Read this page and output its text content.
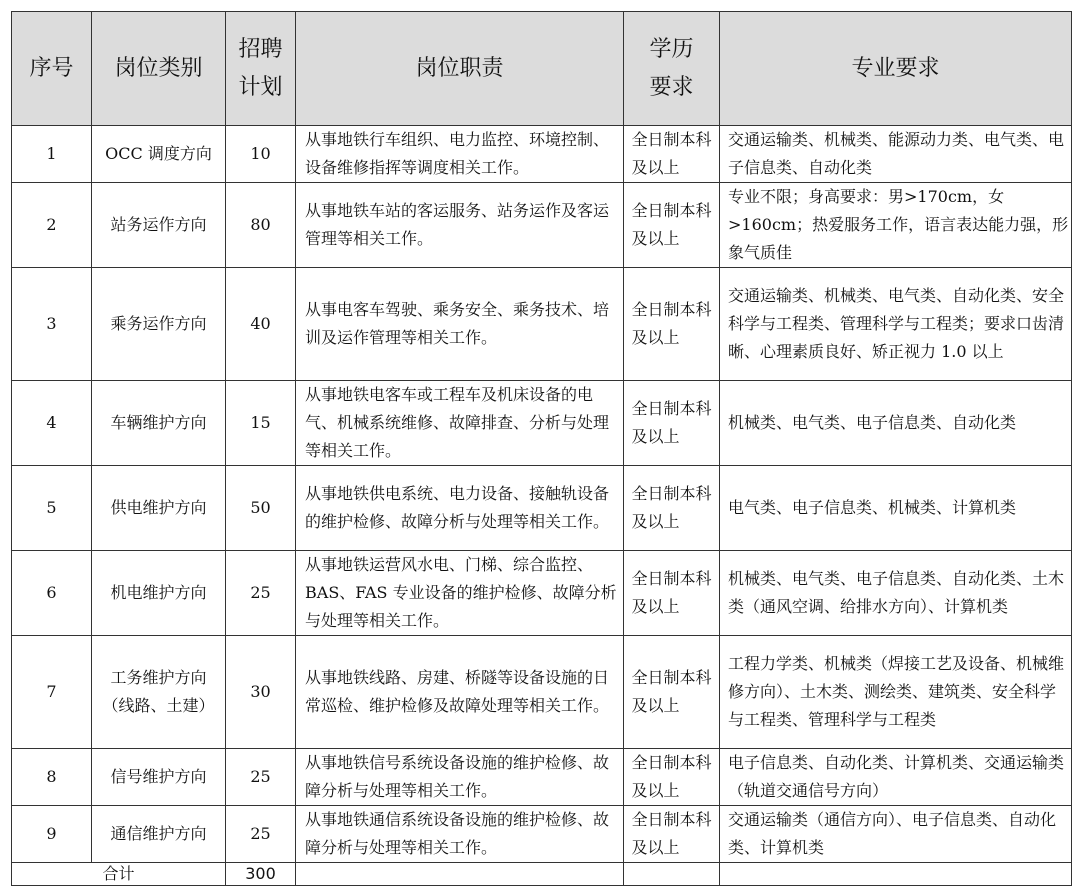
序号	岗位类别	招聘计划	岗位职责	学历要求	专业要求
1	OCC 调度方向	10	从事地铁行车组织、电力监控、环境控制、设备维修指挥等调度相关工作。	全日制本科及以上	交通运输类、机械类、能源动力类、电气类、电子信息类、自动化类
2	站务运作方向	80	从事地铁车站的客运服务、站务运作及客运管理等相关工作。	全日制本科及以上	专业不限；身高要求：男>170cm，女>160cm；热爱服务工作，语言表达能力强，形象气质佳
3	乘务运作方向	40	从事电客车驾驶、乘务安全、乘务技术、培训及运作管理等相关工作。	全日制本科及以上	交通运输类、机械类、电气类、自动化类、安全科学与工程类、管理科学与工程类；要求口齿清晰、心理素质良好、矫正视力 1.0 以上
4	车辆维护方向	15	从事地铁电客车或工程车及机床设备的电气、机械系统维修、故障排查、分析与处理等相关工作。	全日制本科及以上	机械类、电气类、电子信息类、自动化类
5	供电维护方向	50	从事地铁供电系统、电力设备、接触轨设备的维护检修、故障分析与处理等相关工作。	全日制本科及以上	电气类、电子信息类、机械类、计算机类
6	机电维护方向	25	从事地铁运营风水电、门梯、综合监控、BAS、FAS 专业设备的维护检修、故障分析与处理等相关工作。	全日制本科及以上	机械类、电气类、电子信息类、自动化类、土木类（通风空调、给排水方向）、计算机类
7	工务维护方向（线路、土建）	30	从事地铁线路、房建、桥隧等设备设施的日常巡检、维护检修及故障处理等相关工作。	全日制本科及以上	工程力学类、机械类（焊接工艺及设备、机械维修方向）、土木类、测绘类、建筑类、安全科学与工程类、管理科学与工程类
8	信号维护方向	25	从事地铁信号系统设备设施的维护检修、故障分析与处理等相关工作。	全日制本科及以上	电子信息类、自动化类、计算机类、交通运输类（轨道交通信号方向）
9	通信维护方向	25	从事地铁通信系统设备设施的维护检修、故障分析与处理等相关工作。	全日制本科及以上	交通运输类（通信方向）、电子信息类、自动化类、计算机类
合计		300			
